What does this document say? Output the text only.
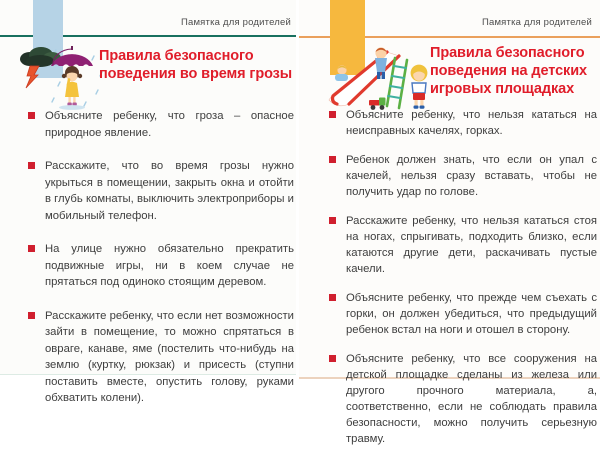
Памятка для родителей
Правила безопасного
поведения во время грозы
Объясните ребенку, что гроза – опасное природное явление.
Расскажите, что во время грозы нужно укрыться в помещении, закрыть окна и отойти в глубь комнаты, выключить электроприборы и мобильный телефон.
На улице нужно обязательно прекратить подвижные игры, ни в коем случае не прятаться под одиноко стоящим деревом.
Расскажите ребенку, что если нет возможности зайти в помещение, то можно спрятаться в овраге, канаве, яме (постелить что-нибудь на землю (куртку, рюкзак) и присесть (ступни поставить вместе, опустить голову, руками обхватить колени).
Памятка для родителей
Правила безопасного
поведения на детских
игровых площадках
Объясните ребенку, что нельзя кататься на неисправных качелях, горках.
Ребенок должен знать, что если он упал с качелей, нельзя сразу вставать, чтобы не получить удар по голове.
Расскажите ребенку, что нельзя кататься стоя на ногах, спрыгивать, подходить близко, если катаются другие дети, раскачивать пустые качели.
Объясните ребенку, что прежде чем съехать с горки, он должен убедиться, что предыдущий ребенок встал на ноги и отошел в сторону.
Объясните ребенку, что все сооружения на детской площадке сделаны из железа или другого прочного материала, а, соответственно, если не соблюдать правила безопасности, можно получить серьезную травму.
